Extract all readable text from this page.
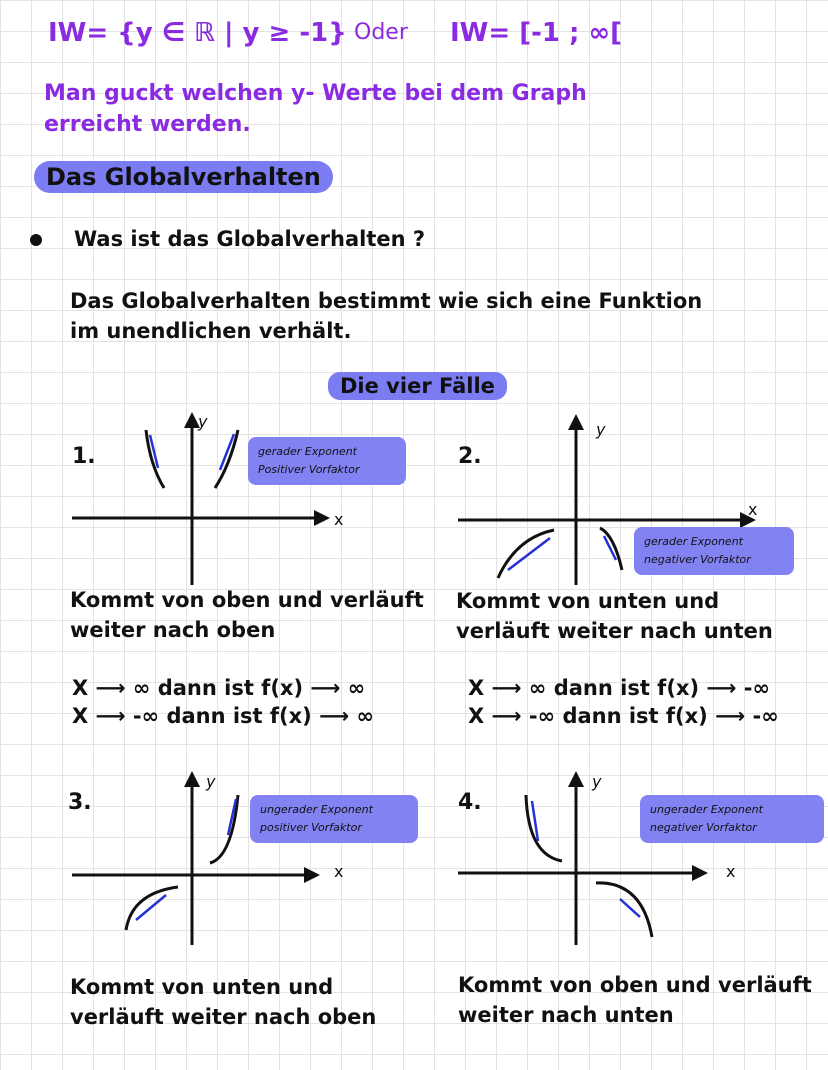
IW= {y ∈ ℝ | y ≥ -1} Oder IW= [-1 ; ∞[
Man guckt welchen y- Werte bei dem Graph erreicht werden.
Das Globalverhalten
Was ist das Globalverhalten ?
Das Globalverhalten bestimmt wie sich eine Funktion im unendlichen verhält.
Die vier Fälle
1.
y
x
gerader Exponent
Positiver Vorfaktor
Kommt von oben und verläuft
weiter nach oben
X ⟶ ∞ dann ist f(x) ⟶ ∞
X ⟶ -∞ dann ist f(x) ⟶ ∞
2.
y
x
gerader Exponent
negativer Vorfaktor
Kommt von unten und
verläuft weiter nach unten
X ⟶ ∞ dann ist f(x) ⟶ -∞
X ⟶ -∞ dann ist f(x) ⟶ -∞
3.
y
x
ungerader Exponent
positiver Vorfaktor
Kommt von unten und
verläuft weiter nach oben
4.
y
x
ungerader Exponent
negativer Vorfaktor
Kommt von oben und verläuft
weiter nach unten
